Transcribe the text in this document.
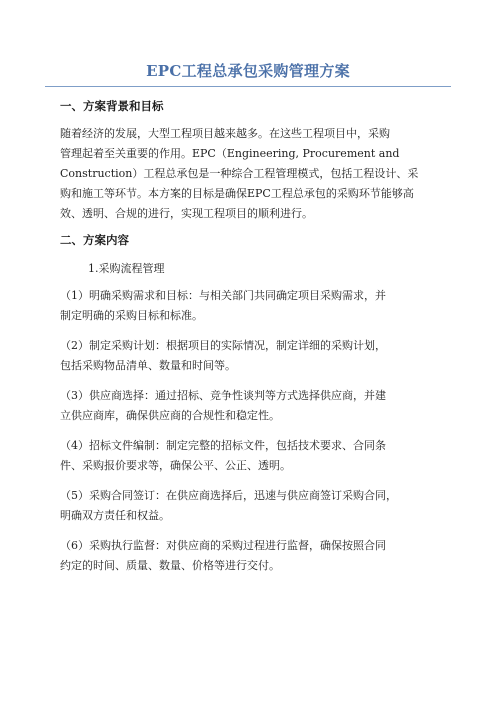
EPC工程总承包采购管理方案
一、方案背景和目标

随着经济的发展，大型工程项目越来越多。在这些工程项目中，采购
管理起着至关重要的作用。EPC（Engineering, Procurement and
Construction）工程总承包是一种综合工程管理模式，包括工程设计、采
购和施工等环节。本方案的目标是确保EPC工程总承包的采购环节能够高
效、透明、合规的进行，实现工程项目的顺利进行。

二、方案内容

1.采购流程管理

（1）明确采购需求和目标：与相关部门共同确定项目采购需求，并
制定明确的采购目标和标准。

（2）制定采购计划：根据项目的实际情况，制定详细的采购计划，
包括采购物品清单、数量和时间等。

（3）供应商选择：通过招标、竞争性谈判等方式选择供应商，并建
立供应商库，确保供应商的合规性和稳定性。

（4）招标文件编制：制定完整的招标文件，包括技术要求、合同条
件、采购报价要求等，确保公平、公正、透明。

（5）采购合同签订：在供应商选择后，迅速与供应商签订采购合同，
明确双方责任和权益。

（6）采购执行监督：对供应商的采购过程进行监督，确保按照合同
约定的时间、质量、数量、价格等进行交付。
